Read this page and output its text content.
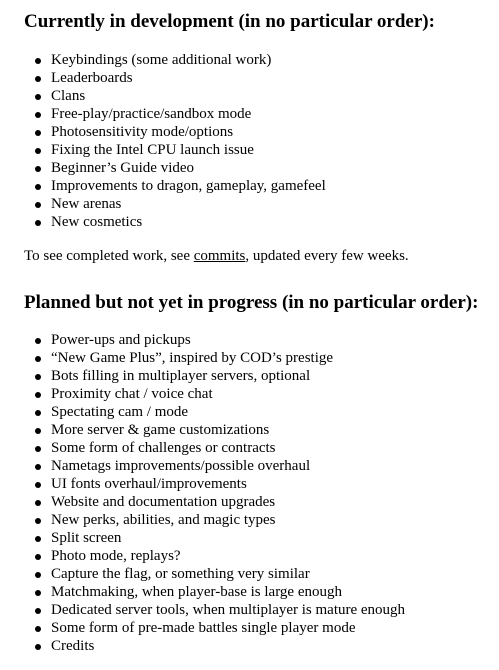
Currently in development (in no particular order):
Keybindings (some additional work)
Leaderboards
Clans
Free-play/practice/sandbox mode
Photosensitivity mode/options
Fixing the Intel CPU launch issue
Beginner’s Guide video
Improvements to dragon, gameplay, gamefeel
New arenas
New cosmetics

To see completed work, see commits, updated every few weeks.

Planned but not yet in progress (in no particular order):
Power-ups and pickups
“New Game Plus”, inspired by COD’s prestige
Bots filling in multiplayer servers, optional
Proximity chat / voice chat
Spectating cam / mode
More server & game customizations
Some form of challenges or contracts
Nametags improvements/possible overhaul
UI fonts overhaul/improvements
Website and documentation upgrades
New perks, abilities, and magic types
Split screen
Photo mode, replays?
Capture the flag, or something very similar
Matchmaking, when player-base is large enough
Dedicated server tools, when multiplayer is mature enough
Some form of pre-made battles single player mode
Credits
